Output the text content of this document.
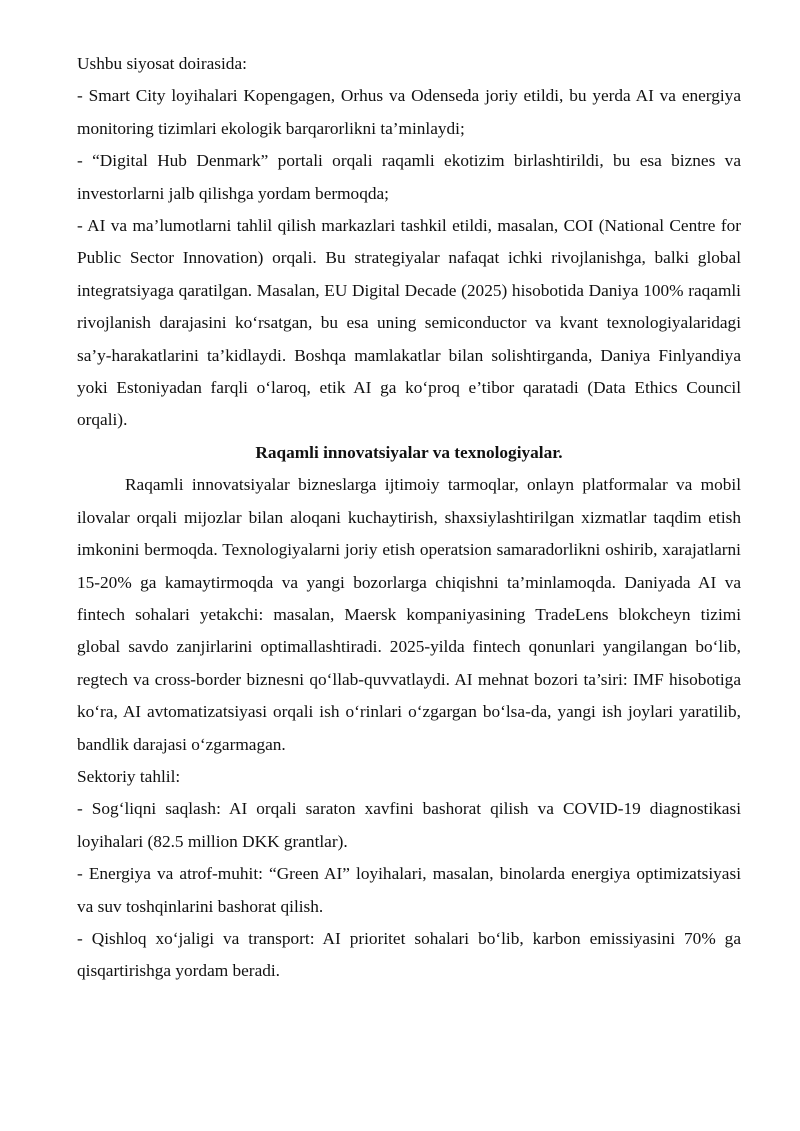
Ushbu siyosat doirasida:

- Smart City loyihalari Kopengagen, Orhus va Odenseda joriy etildi, bu yerda AI va energiya monitoring tizimlari ekologik barqarorlikni ta’minlaydi;

- “Digital Hub Denmark” portali orqali raqamli ekotizim birlashtirildi, bu esa biznes va investorlarni jalb qilishga yordam bermoqda;

- AI va ma’lumotlarni tahlil qilish markazlari tashkil etildi, masalan, COI (National Centre for Public Sector Innovation) orqali. Bu strategiyalar nafaqat ichki rivojlanishga, balki global integratsiyaga qaratilgan. Masalan, EU Digital Decade (2025) hisobotida Daniya 100% raqamli rivojlanish darajasini ko‘rsatgan, bu esa uning semiconductor va kvant texnologiyalaridagi sa’y-harakatlarini ta’kidlaydi. Boshqa mamlakatlar bilan solishtirganda, Daniya Finlyandiya yoki Estoniyadan farqli o‘laroq, etik AI ga ko‘proq e’tibor qaratadi (Data Ethics Council orqali).

Raqamli innovatsiyalar va texnologiyalar.

Raqamli innovatsiyalar bizneslarga ijtimoiy tarmoqlar, onlayn platformalar va mobil ilovalar orqali mijozlar bilan aloqani kuchaytirish, shaxsiylashtirilgan xizmatlar taqdim etish imkonini bermoqda. Texnologiyalarni joriy etish operatsion samaradorlikni oshirib, xarajatlarni 15-20% ga kamaytirmoqda va yangi bozorlarga chiqishni ta’minlamoqda. Daniyada AI va fintech sohalari yetakchi: masalan, Maersk kompaniyasining TradeLens blokcheyn tizimi global savdo zanjirlarini optimallashtiradi. 2025-yilda fintech qonunlari yangilangan bo‘lib, regtech va cross-border biznesni qo‘llab-quvvatlaydi. AI mehnat bozori ta’siri: IMF hisobotiga ko‘ra, AI avtomatizatsiyasi orqali ish o‘rinlari o‘zgargan bo‘lsa-da, yangi ish joylari yaratilib, bandlik darajasi o‘zgarmagan.

Sektoriy tahlil:

- Sog‘liqni saqlash: AI orqali saraton xavfini bashorat qilish va COVID-19 diagnostikasi loyihalari (82.5 million DKK grantlar).

- Energiya va atrof-muhit: “Green AI” loyihalari, masalan, binolarda energiya optimizatsiyasi va suv toshqinlarini bashorat qilish.

- Qishloq xo‘jaligi va transport: AI prioritet sohalari bo‘lib, karbon emissiyasini 70% ga qisqartirishga yordam beradi.
